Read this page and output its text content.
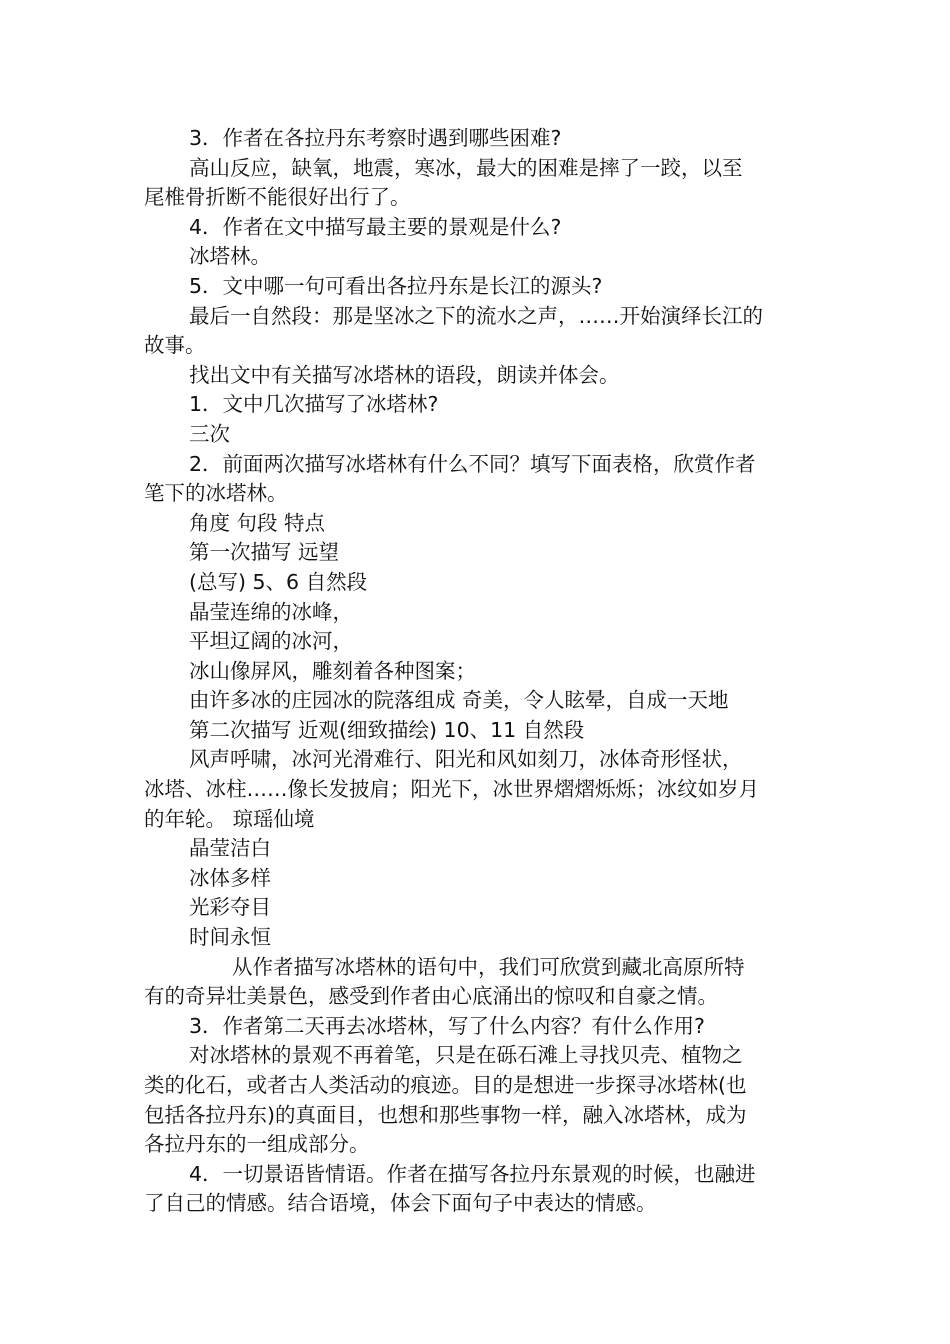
3．作者在各拉丹东考察时遇到哪些困难?

高山反应，缺氧，地震，寒冰，最大的困难是摔了一跤，以至

尾椎骨折断不能很好出行了。

4．作者在文中描写最主要的景观是什么?

冰塔林。

5．文中哪一句可看出各拉丹东是长江的源头?

最后一自然段：那是坚冰之下的流水之声，……开始演绎长江的

故事。

找出文中有关描写冰塔林的语段，朗读并体会。

1．文中几次描写了冰塔林?

三次

2．前面两次描写冰塔林有什么不同？填写下面表格，欣赏作者

笔下的冰塔林。

角度 句段 特点

第一次描写 远望

(总写) 5、6 自然段

晶莹连绵的冰峰，

平坦辽阔的冰河，

冰山像屏风，雕刻着各种图案；

由许多冰的庄园冰的院落组成 奇美，令人眩晕，自成一天地

第二次描写 近观(细致描绘) 10、11 自然段

风声呼啸，冰河光滑难行、阳光和风如刻刀，冰体奇形怪状，

冰塔、冰柱……像长发披肩；阳光下，冰世界熠熠烁烁；冰纹如岁月

的年轮。 琼瑶仙境

晶莹洁白

冰体多样

光彩夺目

时间永恒

从作者描写冰塔林的语句中，我们可欣赏到藏北高原所特

有的奇异壮美景色，感受到作者由心底涌出的惊叹和自豪之情。

3．作者第二天再去冰塔林，写了什么内容？有什么作用?

对冰塔林的景观不再着笔，只是在砾石滩上寻找贝壳、植物之

类的化石，或者古人类活动的痕迹。目的是想进一步探寻冰塔林(也

包括各拉丹东)的真面目，也想和那些事物一样，融入冰塔林，成为

各拉丹东的一组成部分。

4．一切景语皆情语。作者在描写各拉丹东景观的时候，也融进

了自己的情感。结合语境，体会下面句子中表达的情感。
